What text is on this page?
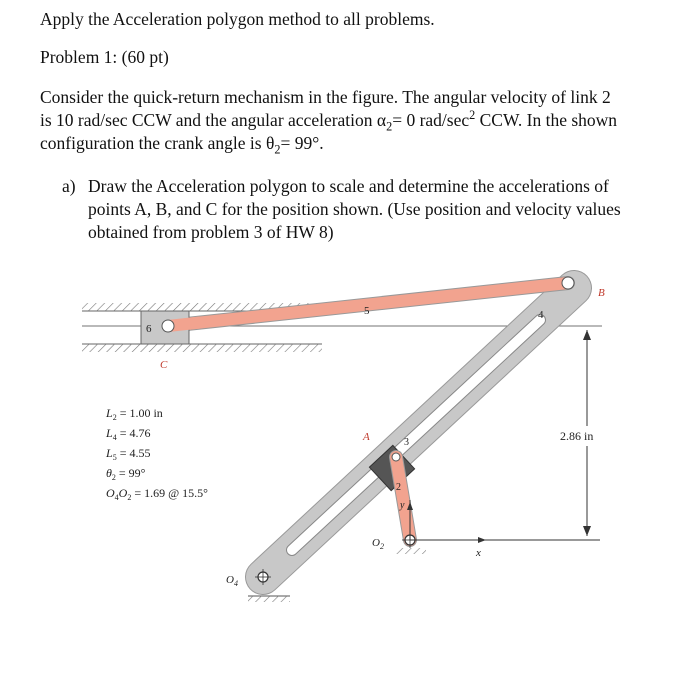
Apply the Acceleration polygon method to all problems.
Problem 1: (60 pt)
Consider the quick-return mechanism in the figure. The angular velocity of link 2
is 10 rad/sec CCW and the angular acceleration $\alpha_2= 0$ rad/$\sec^2$ CCW. In the shown
configuration the crank angle is $\theta_2= 99^\circ$.
a) Draw the Acceleration polygon to scale and determine the accelerations of
points A, B, and C for the position shown. (Use position and velocity values
obtained from problem 3 of HW 8)
6
5	4
3
2
C
B
A
$O_2$
$O_4$
x
y
2.86 in
$L_2 = 1.00$ in
$L_4 = 4.76$
$L_5 = 4.55$
$\theta_2 = 99^\circ$
$O_4O_2 = 1.69$ @ 15.5°
